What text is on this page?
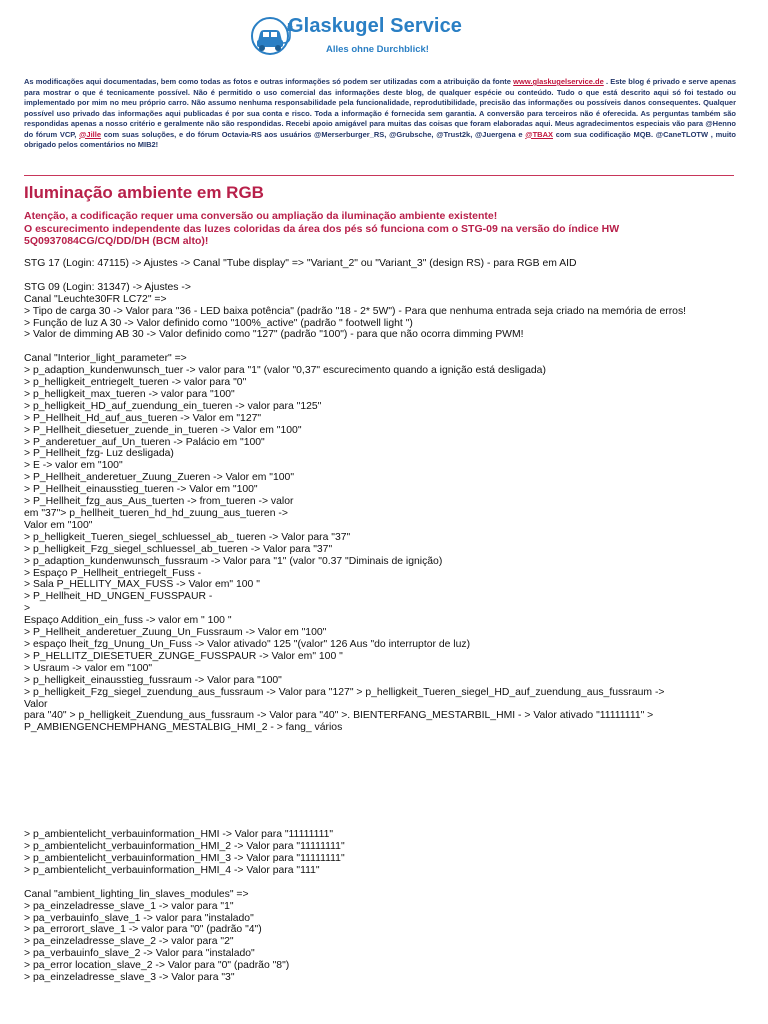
Glaskugel Service
Alles ohne Durchblick!
As modificações aqui documentadas, bem como todas as fotos e outras informações só podem ser utilizadas com a atribuição da fonte www.glaskugelservice.de . Este blog é privado e serve apenas para mostrar o que é tecnicamente possível. Não é permitido o uso comercial das informações deste blog, de qualquer espécie ou conteúdo. Tudo o que está descrito aqui só foi testado ou implementado por mim no meu próprio carro. Não assumo nenhuma responsabilidade pela funcionalidade, reprodutibilidade, precisão das informações ou possíveis danos consequentes. Qualquer possível uso privado das informações aqui publicadas é por sua conta e risco. Toda a informação é fornecida sem garantia. A conversão para terceiros não é oferecida. As perguntas também são respondidas apenas a nosso critério e geralmente não são respondidas. Recebi apoio amigável para muitas das coisas que foram elaboradas aqui. Meus agradecimentos especiais vão para @Henno do fórum VCP, @Jille com suas soluções, e do fórum Octavia-RS aos usuários @Merserburger_RS, @Grubsche, @Trust2k, @Juergena e @TBAX com sua codificação MQB. @CaneTLOTW , muito obrigado pelos comentários no MIB2!
Iluminação ambiente em RGB
Atenção, a codificação requer uma conversão ou ampliação da iluminação ambiente existente!
O escurecimento independente das luzes coloridas da área dos pés só funciona com o STG-09 na versão do índice HW 5Q0937084CG/CQ/DD/DH (BCM alto)!
STG 17 (Login: 47115) -> Ajustes -> Canal "Tube display" => "Variant_2" ou "Variant_3" (design RS) - para RGB em AID
STG 09 (Login: 31347) -> Ajustes ->
Canal "Leuchte30FR LC72" =>
> Tipo de carga 30 -> Valor para "36 - LED baixa potência" (padrão "18 - 2* 5W") - Para que nenhuma entrada seja criado na memória de erros!
> Função de luz A 30 -> Valor definido como "100%_active" (padrão " footwell light ")
> Valor de dimming AB 30 -> Valor definido como "127" (padrão "100") - para que não ocorra dimming PWM!
Canal "Interior_light_parameter" =>
> p_adaption_kundenwunsch_tuer -> valor para "1" (valor "0,37" escurecimento quando a ignição está desligada)
> p_helligkeit_entriegelt_tueren -> valor para "0"
> p_helligkeit_max_tueren -> valor para "100"
> p_helligkeit_HD_auf_zuendung_ein_tueren -> valor para "125"
> P_Hellheit_Hd_auf_aus_tueren -> Valor em "127"
> P_Hellheit_diesetuer_zuende_in_tueren -> Valor em "100"
> P_anderetuer_auf_Un_tueren -> Palácio em "100"
> P_Hellheit_fzg- Luz desligada)
> E -> valor em "100"
> P_Hellheit_anderetuer_Zuung_Zueren -> Valor em "100"
> P_Hellheit_einausstieg_tueren -> Valor em "100"
> P_Hellheit_fzg_aus_Aus_tuerten -> from_tueren -> valor
em "37"> p_hellheit_tueren_hd_hd_zuung_aus_tueren ->
Valor em "100"
> p_helligkeit_Tueren_siegel_schluessel_ab_ tueren -> Valor para "37"
> p_helligkeit_Fzg_siegel_schluessel_ab_tueren -> Valor para "37"
> p_adaption_kundenwunsch_fussraum -> Valor para "1" (valor "0.37 "Diminais de ignição)
> Espaço P_Hellheit_entriegelt_Fuss -
> Sala P_HELLITY_MAX_FUSS -> Valor em" 100 "
> P_Hellheit_HD_UNGEN_FUSSPAUR -
>
Espaço Addition_ein_fuss -> valor em " 100 "
> P_Hellheit_anderetuer_Zuung_Un_Fussraum -> Valor em "100"
> espaço lheit_fzg_Unung_Un_Fuss -> Valor ativado" 125 "(valor" 126 Aus "do interruptor de luz)
> P_HELLITZ_DIESETUER_ZUNGE_FUSSPAUR -> Valor em" 100 "
> Usraum -> valor em "100"
> p_helligkeit_einausstieg_fussraum -> Valor para "100"
> p_helligkeit_Fzg_siegel_zuendung_aus_fussraum -> Valor para "127" > p_helligkeit_Tueren_siegel_HD_auf_zuendung_aus_fussraum ->
Valor
para "40" > p_helligkeit_Zuendung_aus_fussraum -> Valor para "40" >. BIENTERFANG_MESTARBIL_HMI - > Valor ativado "11111111" >
P_AMBIENGENCHEMPHANG_MESTALBIG_HMI_2 - > fang_ vários
> p_ambientelicht_verbauinformation_HMI -> Valor para "11111111"
> p_ambientelicht_verbauinformation_HMI_2 -> Valor para "11111111"
> p_ambientelicht_verbauinformation_HMI_3 -> Valor para "11111111"
> p_ambientelicht_verbauinformation_HMI_4 -> Valor para "111"
Canal "ambient_lighting_lin_slaves_modules" =>
> pa_einzeladresse_slave_1 -> valor para "1"
> pa_verbauinfo_slave_1 -> valor para "instalado"
> pa_errorort_slave_1 -> valor para "0" (padrão "4")
> pa_einzeladresse_slave_2 -> valor para "2"
> pa_verbauinfo_slave_2 -> Valor para "instalado"
> pa_error location_slave_2 -> Valor para "0" (padrão "8")
> pa_einzeladresse_slave_3 -> Valor para "3"
